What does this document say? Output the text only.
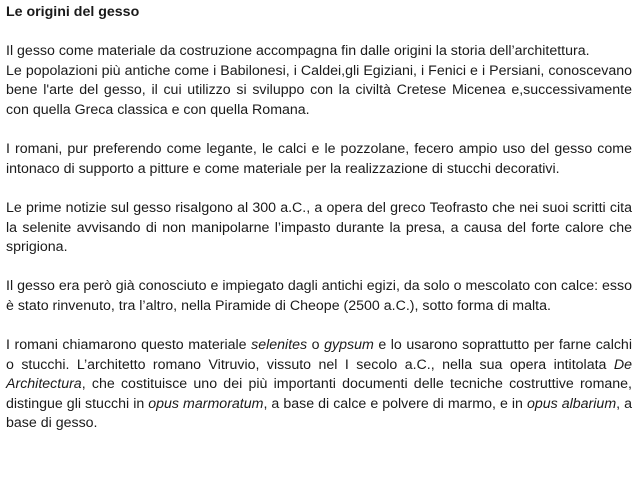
Le origini del gesso

Il gesso come materiale da costruzione accompagna fin dalle origini la storia dell’architettura.

Le popolazioni più antiche come i Babilonesi, i Caldei,gli Egiziani, i Fenici e i Persiani, conoscevano bene l'arte del gesso, il cui utilizzo si sviluppo con la civiltà Cretese Micenea e,successivamente con quella Greca classica e con quella Romana.

I romani, pur preferendo come legante, le calci e le pozzolane, fecero ampio uso del gesso come intonaco di supporto a pitture e come materiale per la realizzazione di stucchi decorativi.

Le prime notizie sul gesso risalgono al 300 a.C., a opera del greco Teofrasto che nei suoi scritti cita la selenite avvisando di non manipolarne l’impasto durante la presa, a causa del forte calore che sprigiona.

Il gesso era però già conosciuto e impiegato dagli antichi egizi, da solo o mescolato con calce: esso è stato rinvenuto, tra l’altro, nella Piramide di Cheope (2500 a.C.), sotto forma di malta.

I romani chiamarono questo materiale selenites o gypsum e lo usarono soprattutto per farne calchi o stucchi. L’architetto romano Vitruvio, vissuto nel I secolo a.C., nella sua opera intitolata De Architectura, che costituisce uno dei più importanti documenti delle tecniche costruttive romane, distingue gli stucchi in opus marmoratum, a base di calce e polvere di marmo, e in opus albarium, a base di gesso.
